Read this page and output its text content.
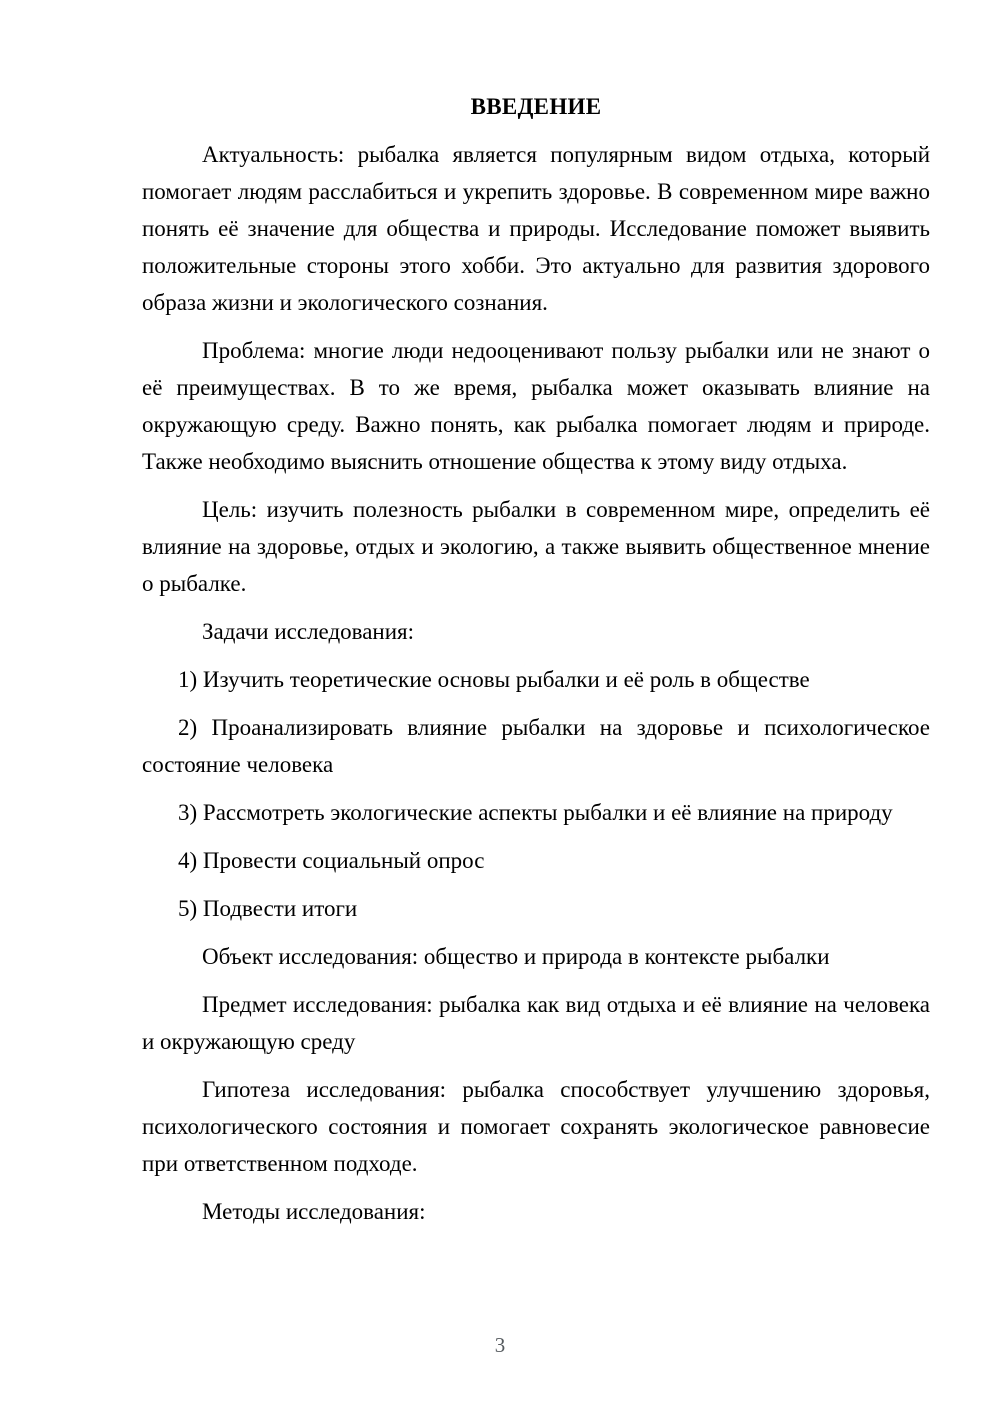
ВВЕДЕНИЕ

Актуальность: рыбалка является популярным видом отдыха, который помогает людям расслабиться и укрепить здоровье. В современном мире важно понять её значение для общества и природы. Исследование поможет выявить положительные стороны этого хобби. Это актуально для развития здорового образа жизни и экологического сознания.

Проблема: многие люди недооценивают пользу рыбалки или не знают о её преимуществах. В то же время, рыбалка может оказывать влияние на окружающую среду. Важно понять, как рыбалка помогает людям и природе. Также необходимо выяснить отношение общества к этому виду отдыха.

Цель: изучить полезность рыбалки в современном мире, определить её влияние на здоровье, отдых и экологию, а также выявить общественное мнение о рыбалке.

Задачи исследования:

1) Изучить теоретические основы рыбалки и её роль в обществе

2) Проанализировать влияние рыбалки на здоровье и психологическое состояние человека

3) Рассмотреть экологические аспекты рыбалки и её влияние на природу

4) Провести социальный опрос

5) Подвести итоги

Объект исследования: общество и природа в контексте рыбалки

Предмет исследования: рыбалка как вид отдыха и её влияние на человека и окружающую среду

Гипотеза исследования: рыбалка способствует улучшению здоровья, психологического состояния и помогает сохранять экологическое равновесие при ответственном подходе.

Методы исследования:

3
